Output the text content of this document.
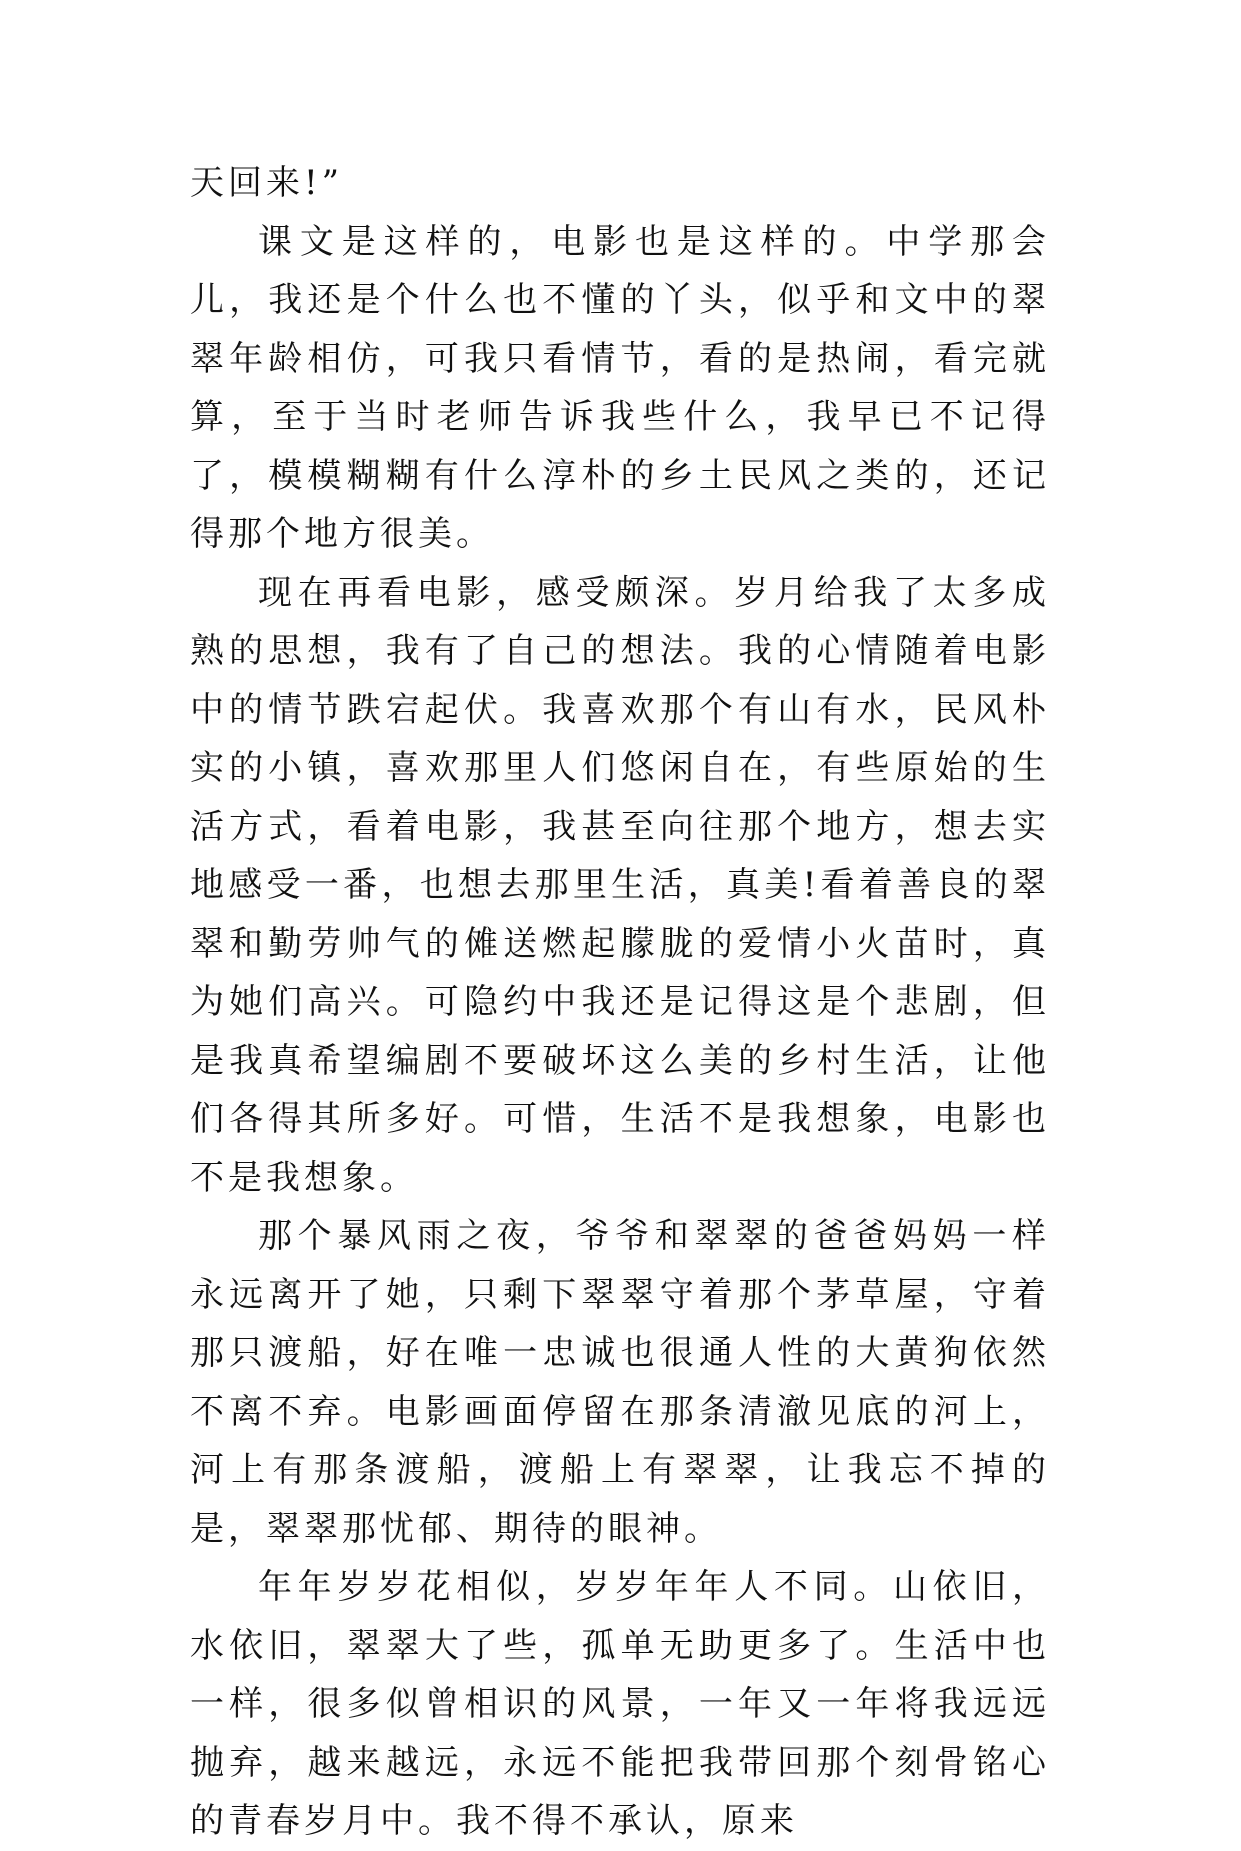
天回来!”

课文是这样的，电影也是这样的。中学那会儿，我还是个什么也不懂的丫头，似乎和文中的翠翠年龄相仿，可我只看情节，看的是热闹，看完就算，至于当时老师告诉我些什么，我早已不记得了，模模糊糊有什么淳朴的乡土民风之类的，还记得那个地方很美。

现在再看电影，感受颇深。岁月给我了太多成熟的思想，我有了自己的想法。我的心情随着电影中的情节跌宕起伏。我喜欢那个有山有水，民风朴实的小镇，喜欢那里人们悠闲自在，有些原始的生活方式，看着电影，我甚至向往那个地方，想去实地感受一番，也想去那里生活，真美!看着善良的翠翠和勤劳帅气的傩送燃起朦胧的爱情小火苗时，真为她们高兴。可隐约中我还是记得这是个悲剧，但是我真希望编剧不要破坏这么美的乡村生活，让他们各得其所多好。可惜，生活不是我想象，电影也不是我想象。

那个暴风雨之夜，爷爷和翠翠的爸爸妈妈一样永远离开了她，只剩下翠翠守着那个茅草屋，守着那只渡船，好在唯一忠诚也很通人性的大黄狗依然不离不弃。电影画面停留在那条清澈见底的河上，河上有那条渡船，渡船上有翠翠，让我忘不掉的是，翠翠那忧郁、期待的眼神。

年年岁岁花相似，岁岁年年人不同。山依旧，水依旧，翠翠大了些，孤单无助更多了。生活中也一样，很多似曾相识的风景，一年又一年将我远远抛弃，越来越远，永远不能把我带回那个刻骨铭心的青春岁月中。我不得不承认，原来
